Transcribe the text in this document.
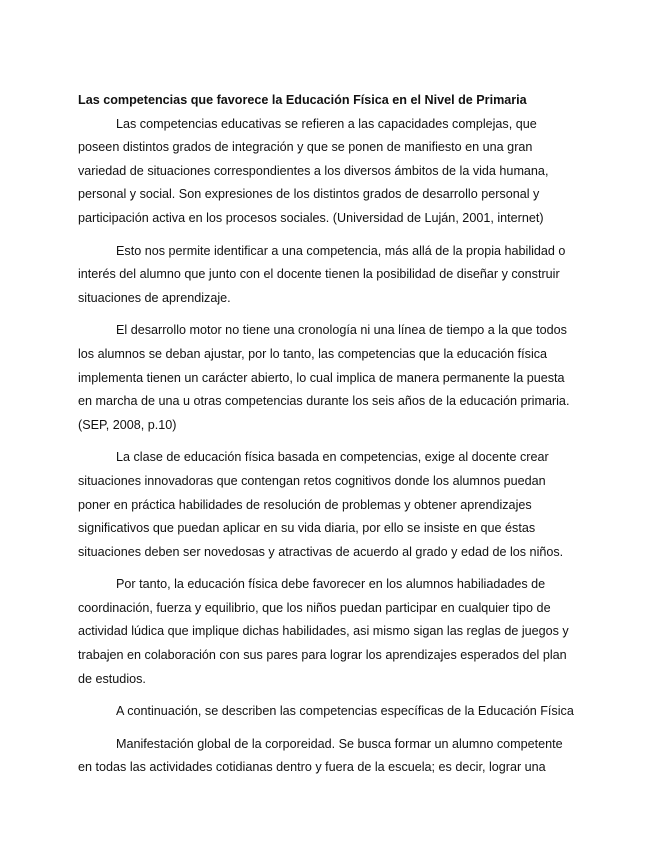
Las competencias que favorece la Educación Física en el Nivel de Primaria

Las competencias educativas se refieren a las capacidades complejas, que poseen distintos grados de integración y que se ponen de manifiesto en una gran variedad de situaciones correspondientes a los diversos ámbitos de la vida humana, personal y social. Son expresiones de los distintos grados de desarrollo personal y participación activa en los procesos sociales. (Universidad de Luján, 2001, internet)

Esto nos permite identificar a una competencia, más allá de la propia habilidad o interés del alumno que junto con el docente tienen la posibilidad de diseñar y construir situaciones de aprendizaje.

El desarrollo motor no tiene una cronología ni una línea de tiempo a la que todos los alumnos se deban ajustar, por lo tanto, las competencias que la educación física implementa tienen un carácter abierto, lo cual implica de manera permanente la puesta en marcha de una u otras competencias durante los seis años de la educación primaria. (SEP, 2008, p.10)

La clase de educación física basada en competencias, exige al docente crear situaciones innovadoras que contengan retos cognitivos donde los alumnos puedan poner en práctica habilidades de resolución de problemas y obtener aprendizajes significativos que puedan aplicar en su vida diaria, por ello se insiste en que éstas situaciones deben ser novedosas y atractivas de acuerdo al grado y edad de los niños.

Por tanto, la educación física debe favorecer en los alumnos habiliadades de coordinación, fuerza y equilibrio, que los niños puedan participar en cualquier tipo de actividad lúdica que implique dichas habilidades, asi mismo sigan las reglas de juegos y trabajen en colaboración con sus pares para lograr los aprendizajes esperados del plan de estudios.

A continuación, se describen las competencias específicas de la Educación Física

Manifestación global de la corporeidad. Se busca formar un alumno competente en todas las actividades cotidianas dentro y fuera de la escuela; es decir, lograr una
